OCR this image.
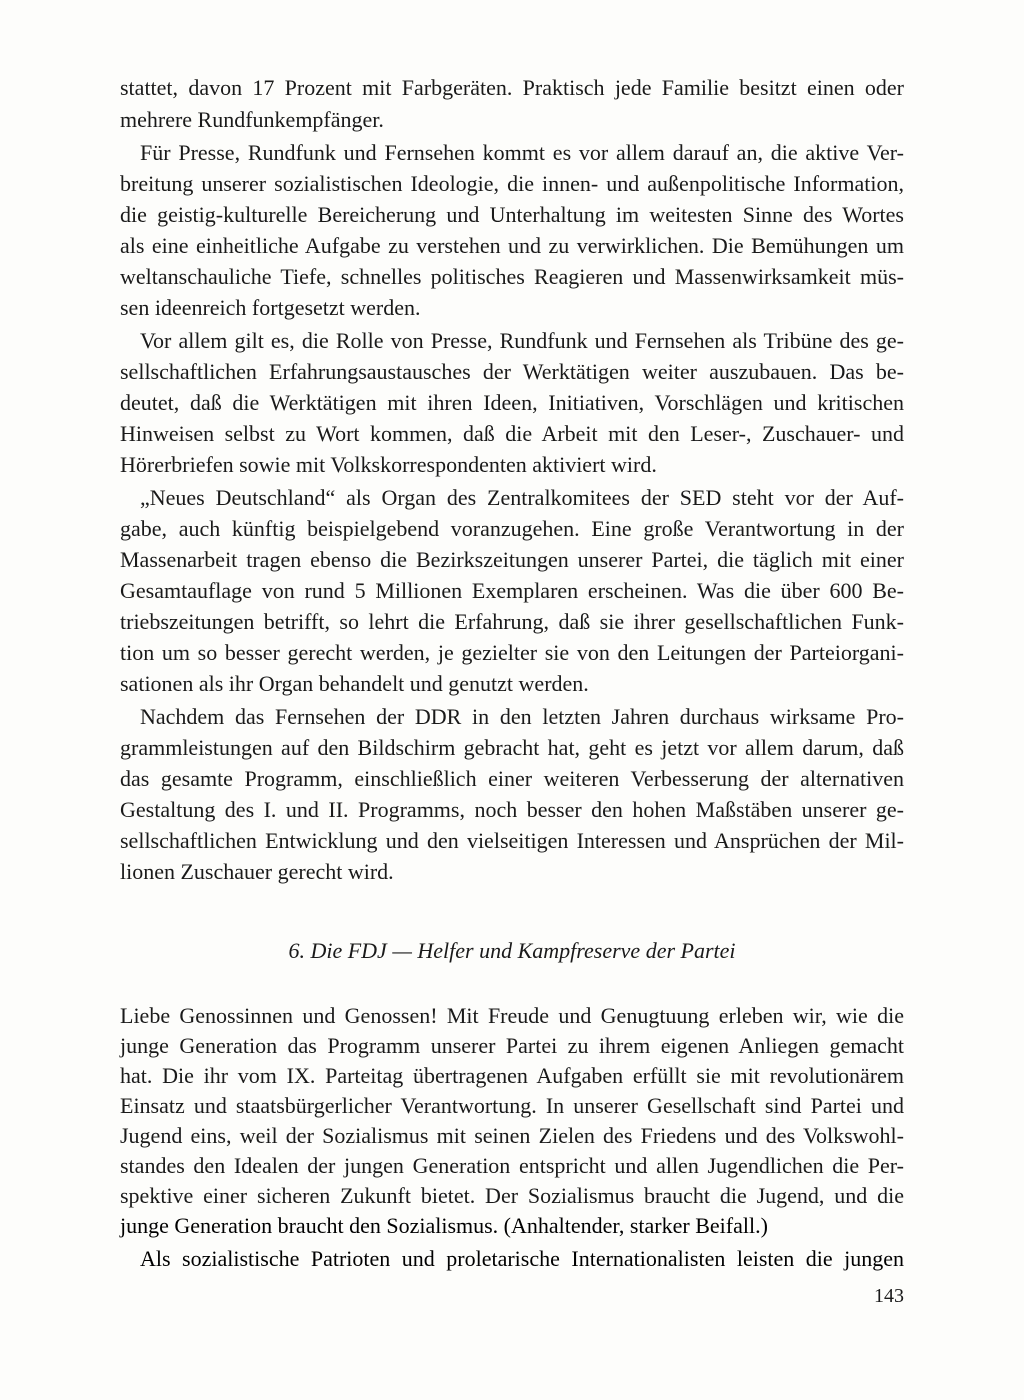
stattet, davon 17 Prozent mit Farbgeräten. Praktisch jede Familie besitzt einen oder
mehrere Rundfunkempfänger.
Für Presse, Rundfunk und Fernsehen kommt es vor allem darauf an, die aktive Ver-
breitung unserer sozialistischen Ideologie, die innen- und außenpolitische Information,
die geistig-kulturelle Bereicherung und Unterhaltung im weitesten Sinne des Wortes
als eine einheitliche Aufgabe zu verstehen und zu verwirklichen. Die Bemühungen um
weltanschauliche Tiefe, schnelles politisches Reagieren und Massenwirksamkeit müs-
sen ideenreich fortgesetzt werden.
Vor allem gilt es, die Rolle von Presse, Rundfunk und Fernsehen als Tribüne des ge-
sellschaftlichen Erfahrungsaustausches der Werktätigen weiter auszubauen. Das be-
deutet, daß die Werktätigen mit ihren Ideen, Initiativen, Vorschlägen und kritischen
Hinweisen selbst zu Wort kommen, daß die Arbeit mit den Leser-, Zuschauer- und
Hörerbriefen sowie mit Volkskorrespondenten aktiviert wird.
„Neues Deutschland“ als Organ des Zentralkomitees der SED steht vor der Auf-
gabe, auch künftig beispielgebend voranzugehen. Eine große Verantwortung in der
Massenarbeit tragen ebenso die Bezirkszeitungen unserer Partei, die täglich mit einer
Gesamtauflage von rund 5 Millionen Exemplaren erscheinen. Was die über 600 Be-
triebszeitungen betrifft, so lehrt die Erfahrung, daß sie ihrer gesellschaftlichen Funk-
tion um so besser gerecht werden, je gezielter sie von den Leitungen der Parteiorgani-
sationen als ihr Organ behandelt und genutzt werden.
Nachdem das Fernsehen der DDR in den letzten Jahren durchaus wirksame Pro-
grammleistungen auf den Bildschirm gebracht hat, geht es jetzt vor allem darum, daß
das gesamte Programm, einschließlich einer weiteren Verbesserung der alternativen
Gestaltung des I. und II. Programms, noch besser den hohen Maßstäben unserer ge-
sellschaftlichen Entwicklung und den vielseitigen Interessen und Ansprüchen der Mil-
lionen Zuschauer gerecht wird.
6. Die FDJ — Helfer und Kampfreserve der Partei
Liebe Genossinnen und Genossen! Mit Freude und Genugtuung erleben wir, wie die
junge Generation das Programm unserer Partei zu ihrem eigenen Anliegen gemacht
hat. Die ihr vom IX. Parteitag übertragenen Aufgaben erfüllt sie mit revolutionärem
Einsatz und staatsbürgerlicher Verantwortung. In unserer Gesellschaft sind Partei und
Jugend eins, weil der Sozialismus mit seinen Zielen des Friedens und des Volkswohl-
standes den Idealen der jungen Generation entspricht und allen Jugendlichen die Per-
spektive einer sicheren Zukunft bietet. Der Sozialismus braucht die Jugend, und die
143
junge Generation braucht den Sozialismus. (Anhaltender, starker Beifall.)
Als sozialistische Patrioten und proletarische Internationalisten leisten die jungen
